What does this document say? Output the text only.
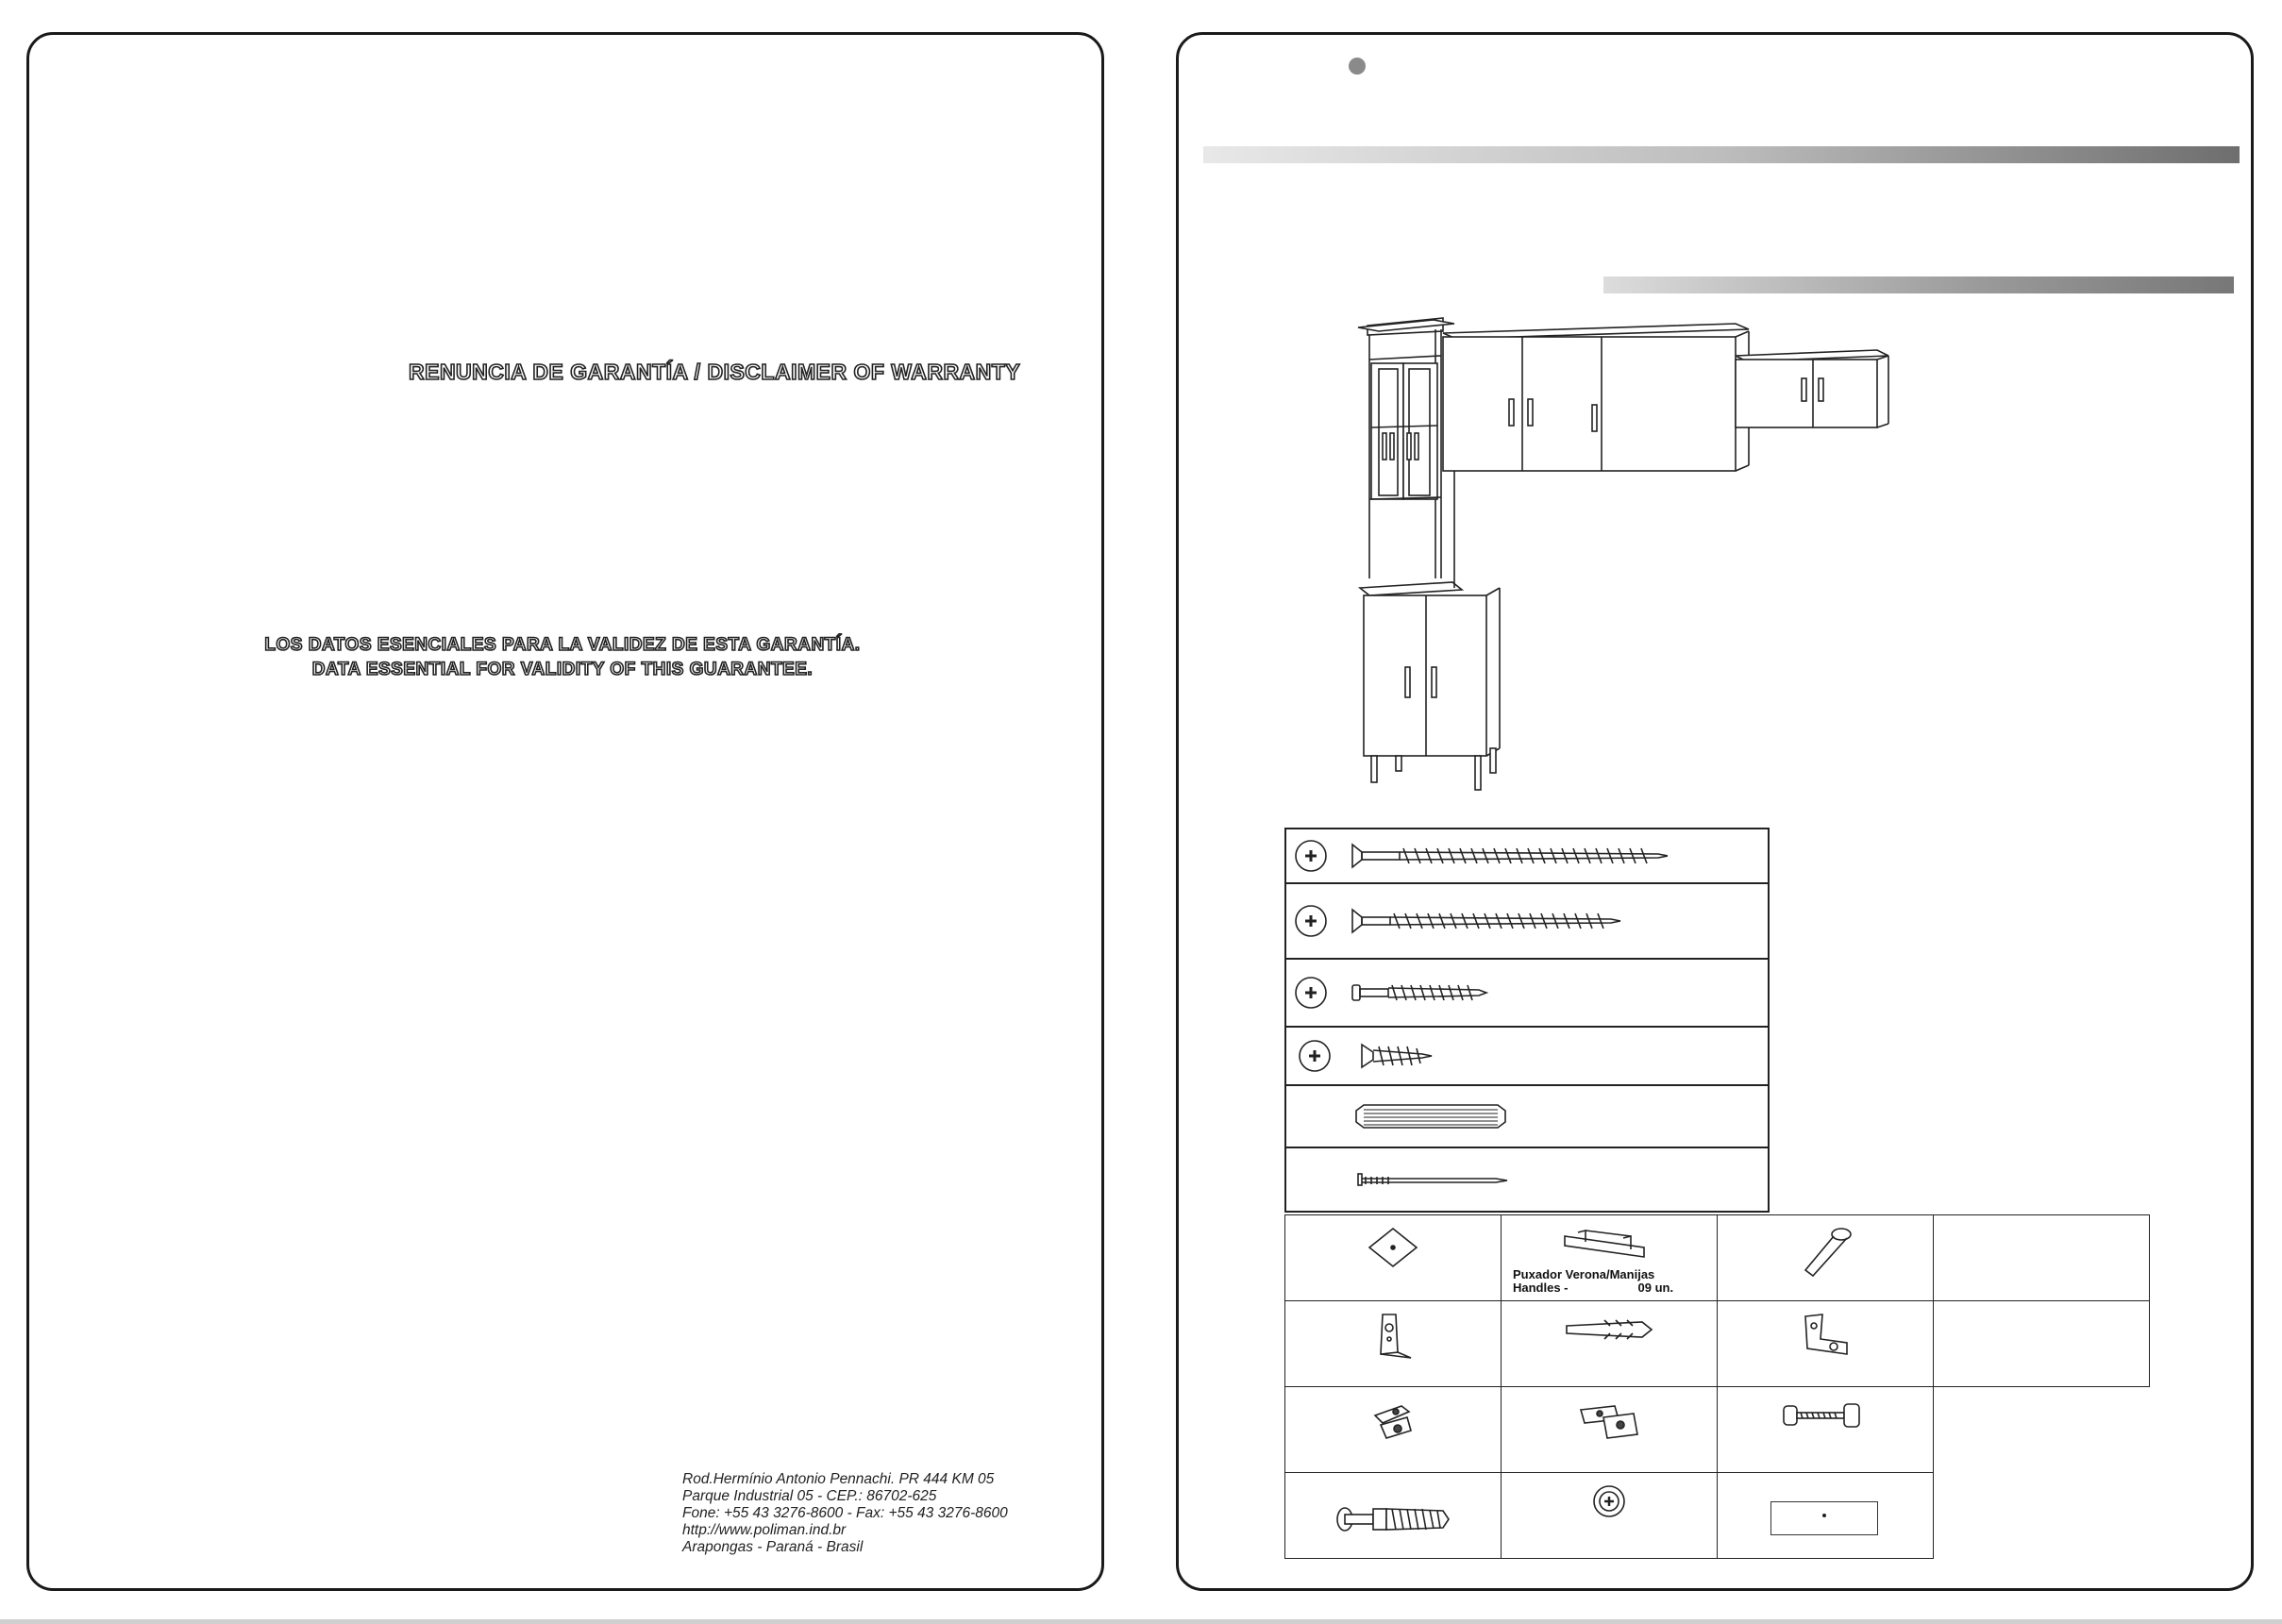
RENUNCIA DE GARANTÍA / DISCLAIMER OF WARRANTY
LOS DATOS ESENCIALES PARA LA VALIDEZ DE ESTA GARANTÍA.
DATA ESSENTIAL FOR VALIDITY OF THIS GUARANTEE.
Rod.Hermínio Antonio Pennachi. PR 444 KM 05
Parque Industrial 05 - CEP.: 86702-625
Fone: +55 43 3276-8600 - Fax: +55 43 3276-8600
http://www.poliman.ind.br
Arapongas - Paraná - Brasil

Puxador Verona/Manijas
Handles - 09 un.
